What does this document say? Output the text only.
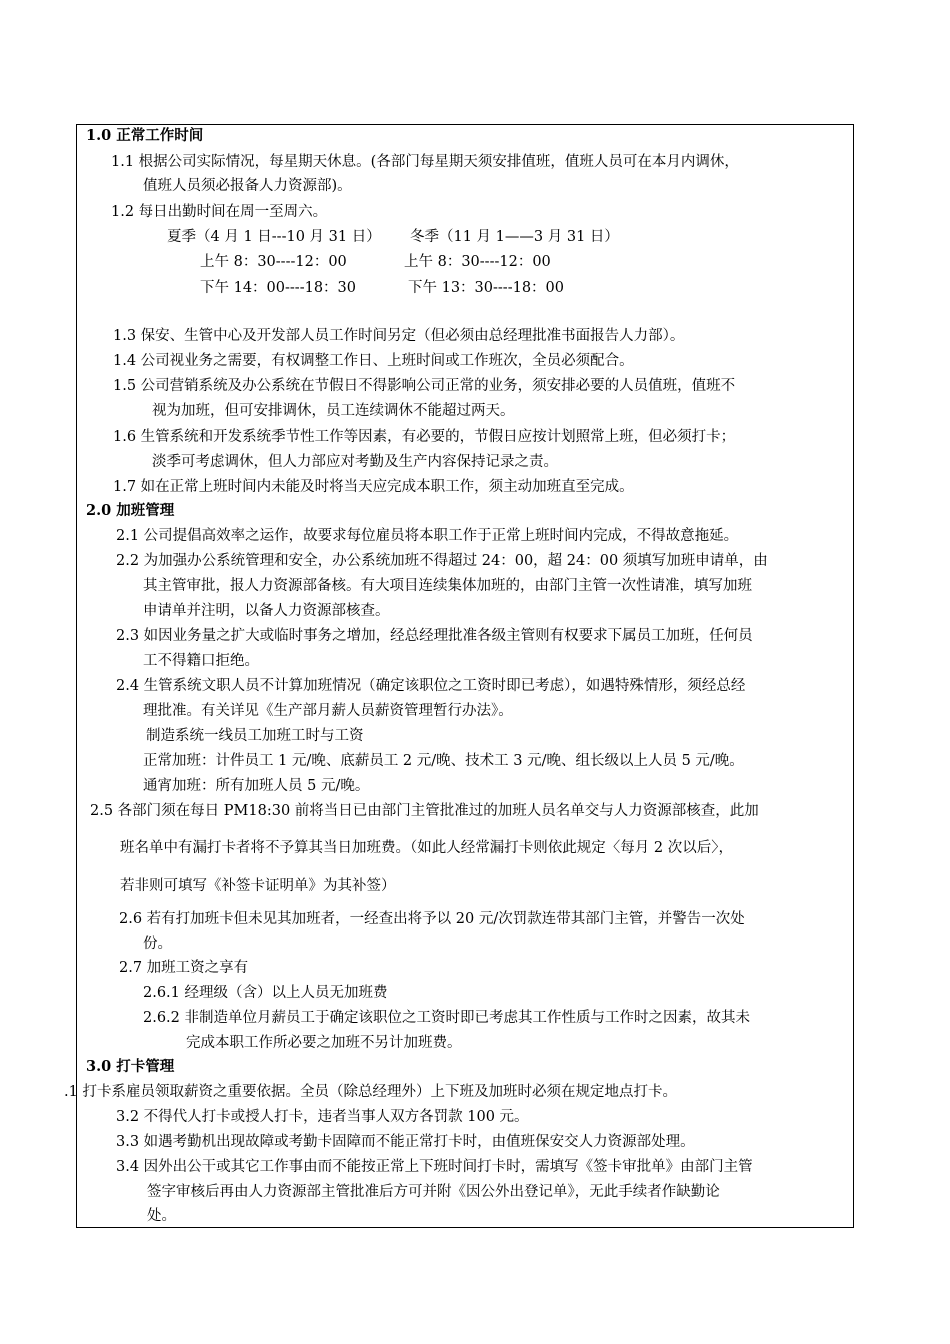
1.0 正常工作时间
1.1 根据公司实际情况，每星期天休息。(各部门每星期天须安排值班，值班人员可在本月内调休，
值班人员须必报备人力资源部)。
1.2 每日出勤时间在周一至周六。
夏季（4 月 1 日---10 月 31 日） 冬季（11 月 1——3 月 31 日）
上午 8：30----12：00	上午 8：30----12：00
下午 14：00----18：30	下午 13：30----18：00
1.3 保安、生管中心及开发部人员工作时间另定（但必须由总经理批准书面报告人力部）。
1.4 公司视业务之需要，有权调整工作日、上班时间或工作班次，全员必须配合。
1.5 公司营销系统及办公系统在节假日不得影响公司正常的业务，须安排必要的人员值班，值班不
视为加班，但可安排调休，员工连续调休不能超过两天。
1.6 生管系统和开发系统季节性工作等因素，有必要的，节假日应按计划照常上班，但必须打卡；
淡季可考虑调休，但人力部应对考勤及生产内容保持记录之责。
1.7 如在正常上班时间内未能及时将当天应完成本职工作，须主动加班直至完成。
2.0 加班管理
2.1 公司提倡高效率之运作，故要求每位雇员将本职工作于正常上班时间内完成，不得故意拖延。
2.2 为加强办公系统管理和安全，办公系统加班不得超过 24：00，超 24：00 须填写加班申请单，由
其主管审批，报人力资源部备核。有大项目连续集体加班的，由部门主管一次性请准，填写加班
申请单并注明，以备人力资源部核查。
2.3 如因业务量之扩大或临时事务之增加，经总经理批准各级主管则有权要求下属员工加班，任何员
工不得籍口拒绝。
2.4 生管系统文职人员不计算加班情况（确定该职位之工资时即已考虑），如遇特殊情形，须经总经
理批准。有关详见《生产部月薪人员薪资管理暂行办法》。
制造系统一线员工加班工时与工资
正常加班：计件员工 1 元/晚、底薪员工 2 元/晚、技术工 3 元/晚、组长级以上人员 5 元/晚。
通宵加班：所有加班人员 5 元/晚。
2.5 各部门须在每日 PM18:30 前将当日已由部门主管批准过的加班人员名单交与人力资源部核查，此加
班名单中有漏打卡者将不予算其当日加班费。（如此人经常漏打卡则依此规定〈每月 2 次以后〉，
若非则可填写《补签卡证明单》为其补签）
2.6 若有打加班卡但未见其加班者，一经查出将予以 20 元/次罚款连带其部门主管，并警告一次处
份。
2.7 加班工资之享有
2.6.1 经理级（含）以上人员无加班费
2.6.2 非制造单位月薪员工于确定该职位之工资时即已考虑其工作性质与工作时之因素，故其未
完成本职工作所必要之加班不另计加班费。
3.0 打卡管理
.1 打卡系雇员领取薪资之重要依据。全员（除总经理外）上下班及加班时必须在规定地点打卡。
3.2 不得代人打卡或授人打卡，违者当事人双方各罚款 100 元。
3.3 如遇考勤机出现故障或考勤卡固障而不能正常打卡时，由值班保安交人力资源部处理。
3.4 因外出公干或其它工作事由而不能按正常上下班时间打卡时，需填写《签卡审批单》由部门主管
签字审核后再由人力资源部主管批准后方可并附《因公外出登记单》，无此手续者作缺勤论
处。
